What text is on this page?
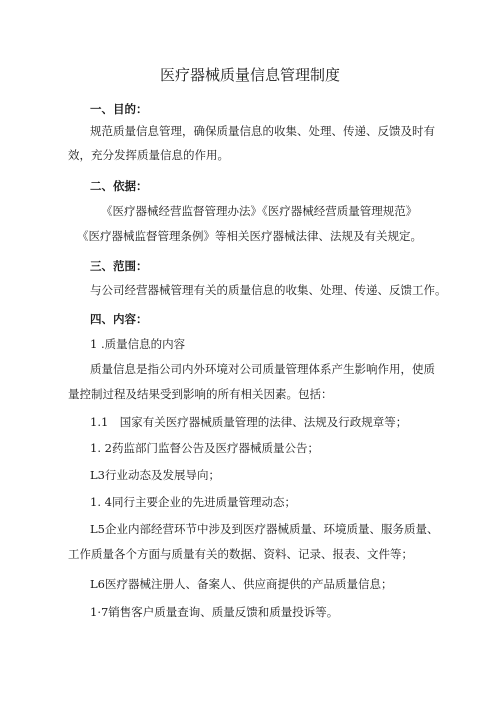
医疗器械质量信息管理制度
一、目的：
规范质量信息管理，确保质量信息的收集、处理、传递、反馈及时有
效，充分发挥质量信息的作用。
二、依据：
《医疗器械经营监督管理办法》《医疗器械经营质量管理规范》
《医疗器械监督管理条例》等相关医疗器械法律、法规及有关规定。
三、范围：
与公司经营器械管理有关的质量信息的收集、处理、传递、反馈工作。
四、内容：
1 .质量信息的内容
质量信息是指公司内外环境对公司质量管理体系产生影响作用，使质
量控制过程及结果受到影响的所有相关因素。包括：
1.1　国家有关医疗器械质量管理的法律、法规及行政规章等；
1. 2药监部门监督公告及医疗器械质量公告；
L3行业动态及发展导向；
1. 4同行主要企业的先进质量管理动态；
L5企业内部经营环节中涉及到医疗器械质量、环境质量、服务质量、
工作质量各个方面与质量有关的数据、资料、记录、报表、文件等；
L6医疗器械注册人、备案人、供应商提供的产品质量信息；
1·7销售客户质量查询、质量反馈和质量投诉等。
